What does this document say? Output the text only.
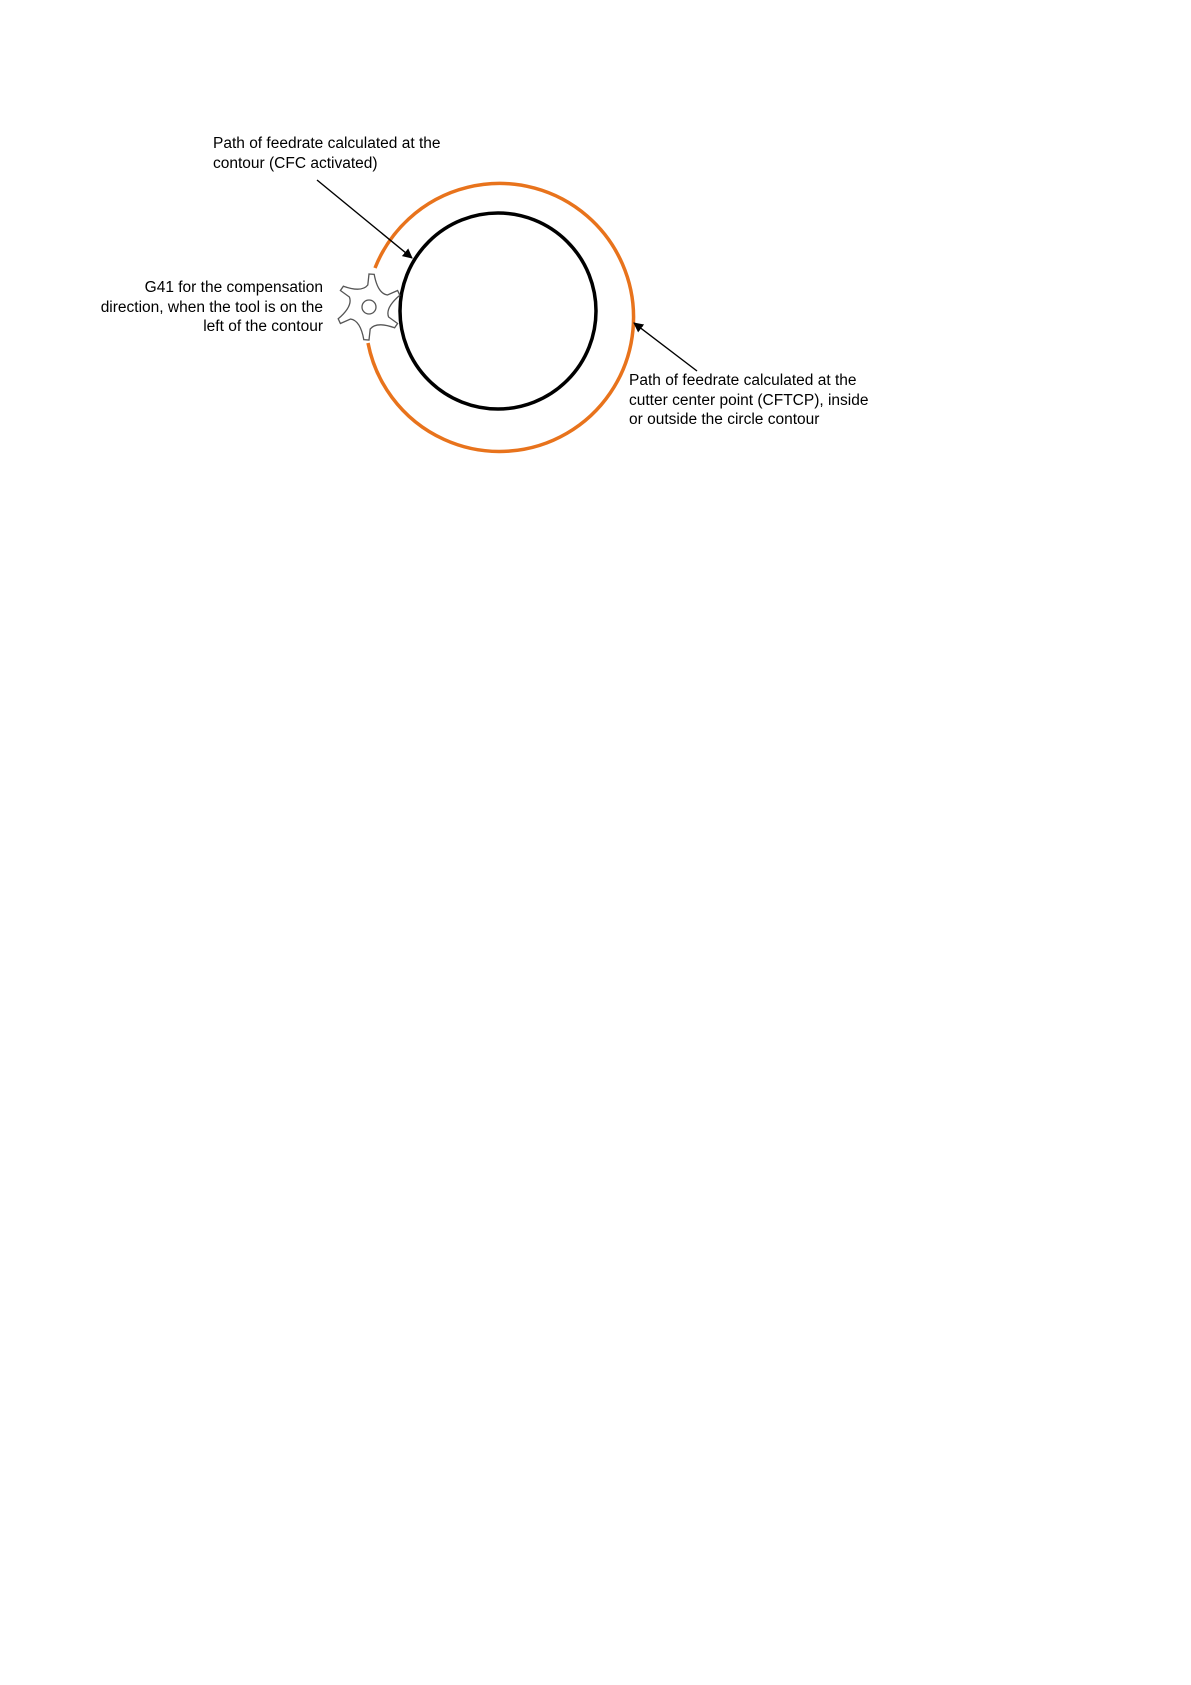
Path of feedrate calculated at the
contour (CFC activated)
G41 for the compensation
direction, when the tool is on the
left of the contour
Path of feedrate calculated at the
cutter center point (CFTCP), inside
or outside the circle contour
